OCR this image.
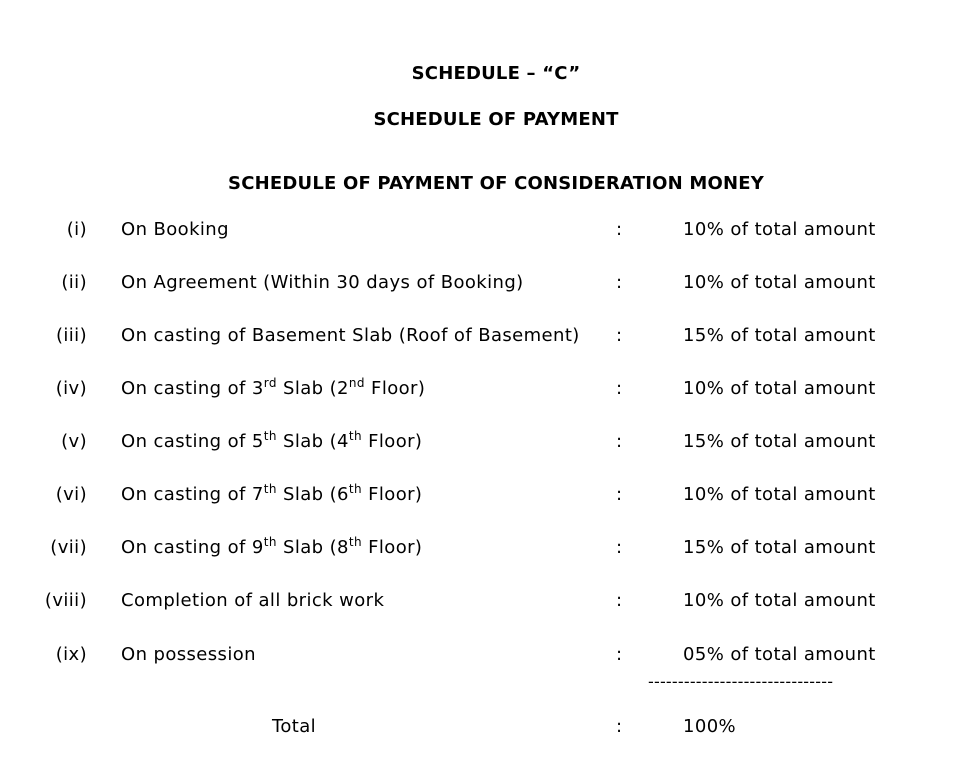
SCHEDULE – “C”
SCHEDULE OF PAYMENT
SCHEDULE OF PAYMENT OF CONSIDERATION MONEY
(i) On Booking	:	10% of total amount
(ii) On Agreement (Within 30 days of Booking)	:	10% of total amount
(iii) On casting of Basement Slab (Roof of Basement) :	15% of total amount
(iv) On casting of 3rd Slab (2nd Floor)	:	10% of total amount
(v) On casting of 5th Slab (4th Floor)	:	15% of total amount
(vi) On casting of 7th Slab (6th Floor)	:	10% of total amount
(vii) On casting of 9th Slab (8th Floor)	:	15% of total amount
(viii) Completion of all brick work	:	10% of total amount
(ix) On possession	:	05% of total amount
-------------------------------
Total	:	100%
